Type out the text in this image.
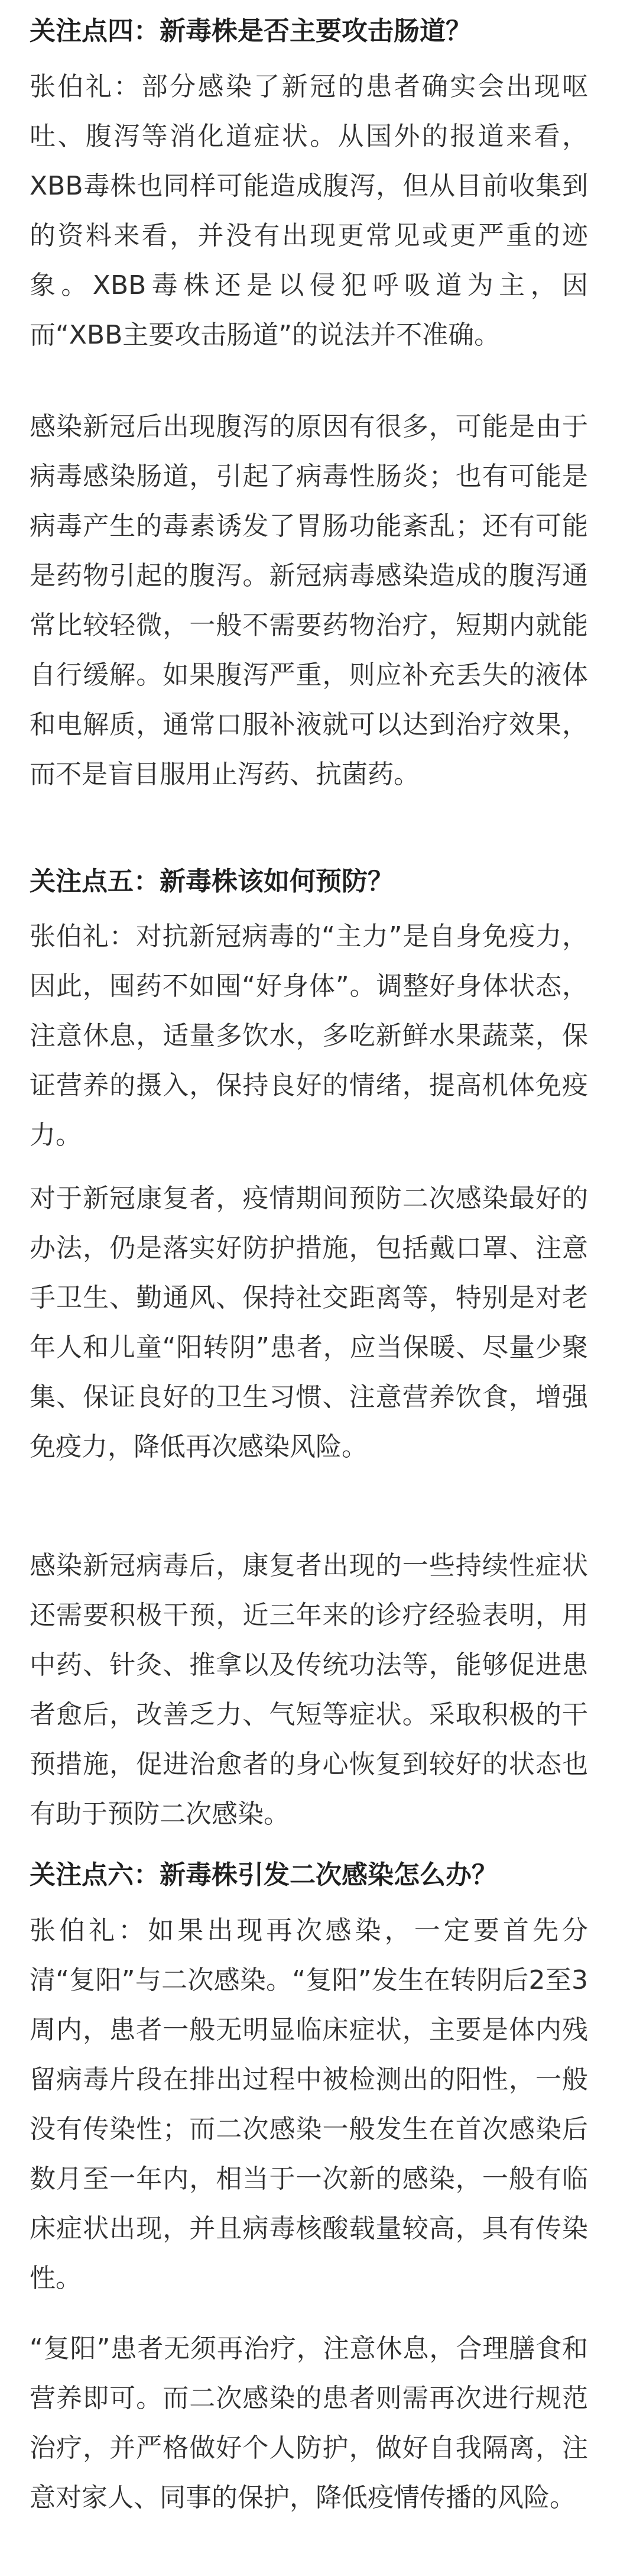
关注点四：新毒株是否主要攻击肠道？

张伯礼：部分感染了新冠的患者确实会出现呕吐、腹泻等消化道症状。从国外的报道来看，XBB毒株也同样可能造成腹泻，但从目前收集到的资料来看，并没有出现更常见或更严重的迹象。XBB毒株还是以侵犯呼吸道为主，因而“XBB主要攻击肠道”的说法并不准确。

感染新冠后出现腹泻的原因有很多，可能是由于病毒感染肠道，引起了病毒性肠炎；也有可能是病毒产生的毒素诱发了胃肠功能紊乱；还有可能是药物引起的腹泻。新冠病毒感染造成的腹泻通常比较轻微，一般不需要药物治疗，短期内就能自行缓解。如果腹泻严重，则应补充丢失的液体和电解质，通常口服补液就可以达到治疗效果，而不是盲目服用止泻药、抗菌药。

关注点五：新毒株该如何预防？

张伯礼：对抗新冠病毒的“主力”是自身免疫力，因此，囤药不如囤“好身体”。调整好身体状态，注意休息，适量多饮水，多吃新鲜水果蔬菜，保证营养的摄入，保持良好的情绪，提高机体免疫力。

对于新冠康复者，疫情期间预防二次感染最好的办法，仍是落实好防护措施，包括戴口罩、注意手卫生、勤通风、保持社交距离等，特别是对老年人和儿童“阳转阴”患者，应当保暖、尽量少聚集、保证良好的卫生习惯、注意营养饮食，增强免疫力，降低再次感染风险。

感染新冠病毒后，康复者出现的一些持续性症状还需要积极干预，近三年来的诊疗经验表明，用中药、针灸、推拿以及传统功法等，能够促进患者愈后，改善乏力、气短等症状。采取积极的干预措施，促进治愈者的身心恢复到较好的状态也有助于预防二次感染。

关注点六：新毒株引发二次感染怎么办？

张伯礼：如果出现再次感染，一定要首先分清“复阳”与二次感染。“复阳”发生在转阴后2至3周内，患者一般无明显临床症状，主要是体内残留病毒片段在排出过程中被检测出的阳性，一般没有传染性；而二次感染一般发生在首次感染后数月至一年内，相当于一次新的感染，一般有临床症状出现，并且病毒核酸载量较高，具有传染性。

“复阳”患者无须再治疗，注意休息，合理膳食和营养即可。而二次感染的患者则需再次进行规范治疗，并严格做好个人防护，做好自我隔离，注意对家人、同事的保护，降低疫情传播的风险。
